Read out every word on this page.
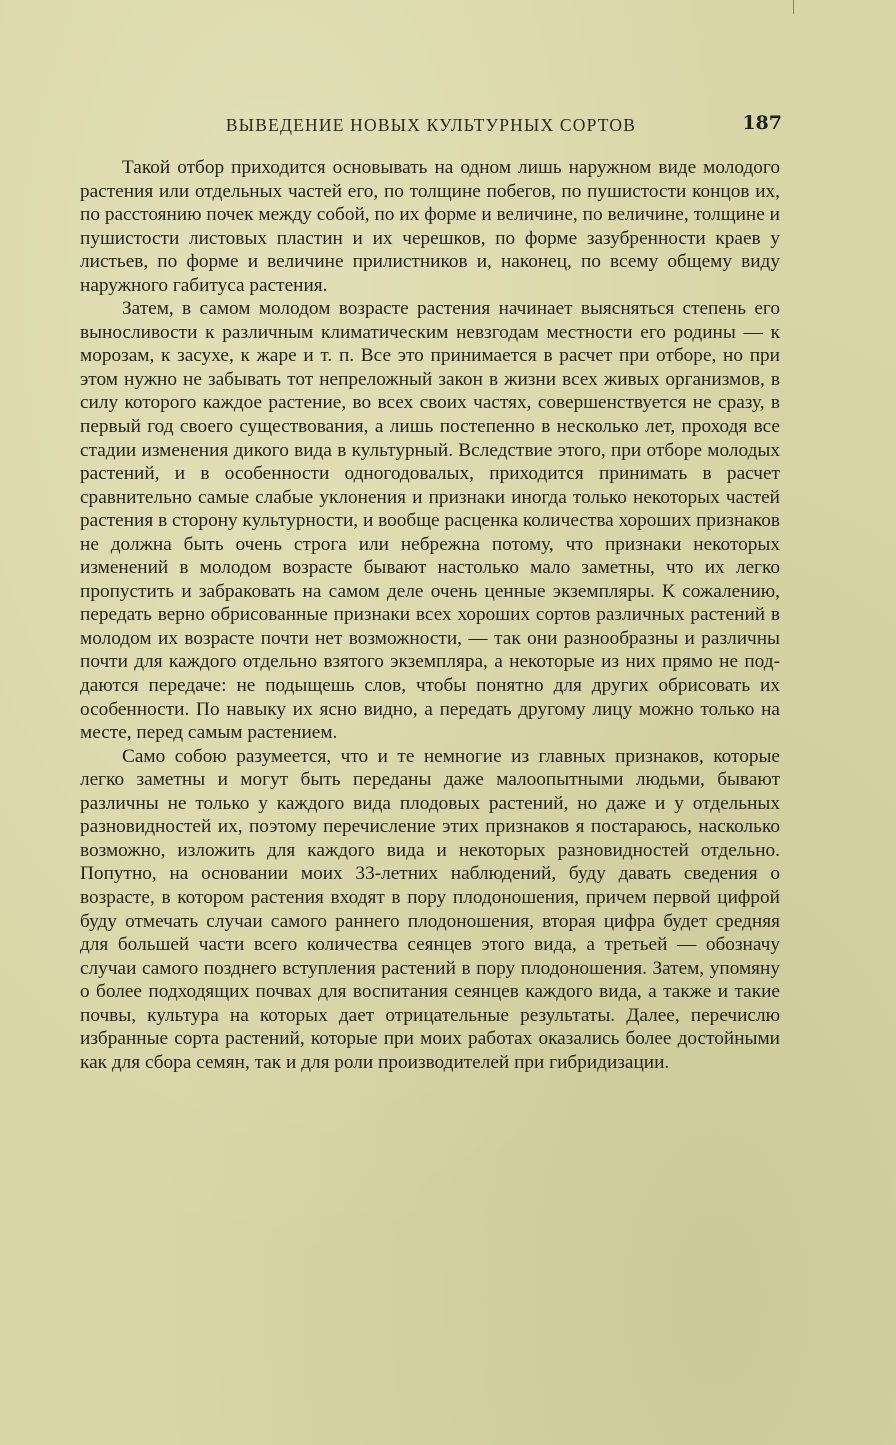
ВЫВЕДЕНИЕ НОВЫХ КУЛЬТУРНЫХ СОРТОВ	187

Такой отбор приходится основывать на одном лишь наружном виде молодого растения или отдельных частей его, по толщине побегов, по пушистости концов их, по расстоянию почек между собой, по их форме и величине, по величине, толщине и пушистости листовых пластин и их черешков, по форме зазубренности краев у листьев, по форме и величине прилистников и, наконец, по всему общему виду наружного габитуса растения.

Затем, в самом молодом возрасте растения начинает выясняться степень его выносливости к различным климатическим невзгодам местности его родины — к морозам, к засухе, к жаре и т. п. Все это принимается в расчет при отборе, но при этом нужно не забывать тот непреложный закон в жизни всех живых организмов, в силу которого каждое растение, во всех своих частях, совершенствуется не сразу, в первый год своего существования, а лишь постепенно в несколько лет, проходя все стадии изменения дикого вида в культурный. Вследствие этого, при отборе молодых растений, и в особенности одногодовалых, приходится принимать в расчет сравнительно самые слабые уклонения и признаки иногда только некоторых частей растения в сторону культурности, и вообще расценка количества хороших признаков не должна быть очень строга или небрежна потому, что признаки некоторых изменений в молодом возрасте бывают настолько мало заметны, что их легко пропустить и забраковать на самом деле очень ценные экземпляры. К сожалению, передать верно обрисованные признаки всех хороших сортов различных растений в молодом их возрасте почти нет возможности, — так они разнообразны и различны почти для каждого отдельно взятого экземпляра, а некоторые из них прямо не поддаются передаче: не подыщешь слов, чтобы понятно для других обрисовать их особенности. По навыку их ясно видно, а передать другому лицу можно только на месте, перед самым растением.

Само собою разумеется, что и те немногие из главных признаков, которые легко заметны и могут быть переданы даже малоопытными людьми, бывают различны не только у каждого вида плодовых растений, но даже и у отдельных разновидностей их, поэтому перечисление этих признаков я постараюсь, насколько возможно, изложить для каждого вида и некоторых разновидностей отдельно. Попутно, на основании моих 33-летних наблюдений, буду давать сведения о возрасте, в котором растения входят в пору плодоношения, причем первой цифрой буду отмечать случаи самого раннего плодоношения, вторая цифра будет средняя для большей части всего количества сеянцев этого вида, а третьей — обозначу случаи самого позднего вступления растений в пору плодоношения. Затем, упомяну о более подходящих почвах для воспитания сеянцев каждого вида, а также и такие почвы, культура на которых дает отрицательные результаты. Далее, перечислю избранные сорта растений, которые при моих работах оказались более достойными как для сбора семян, так и для роли производителей при гибридизации.
